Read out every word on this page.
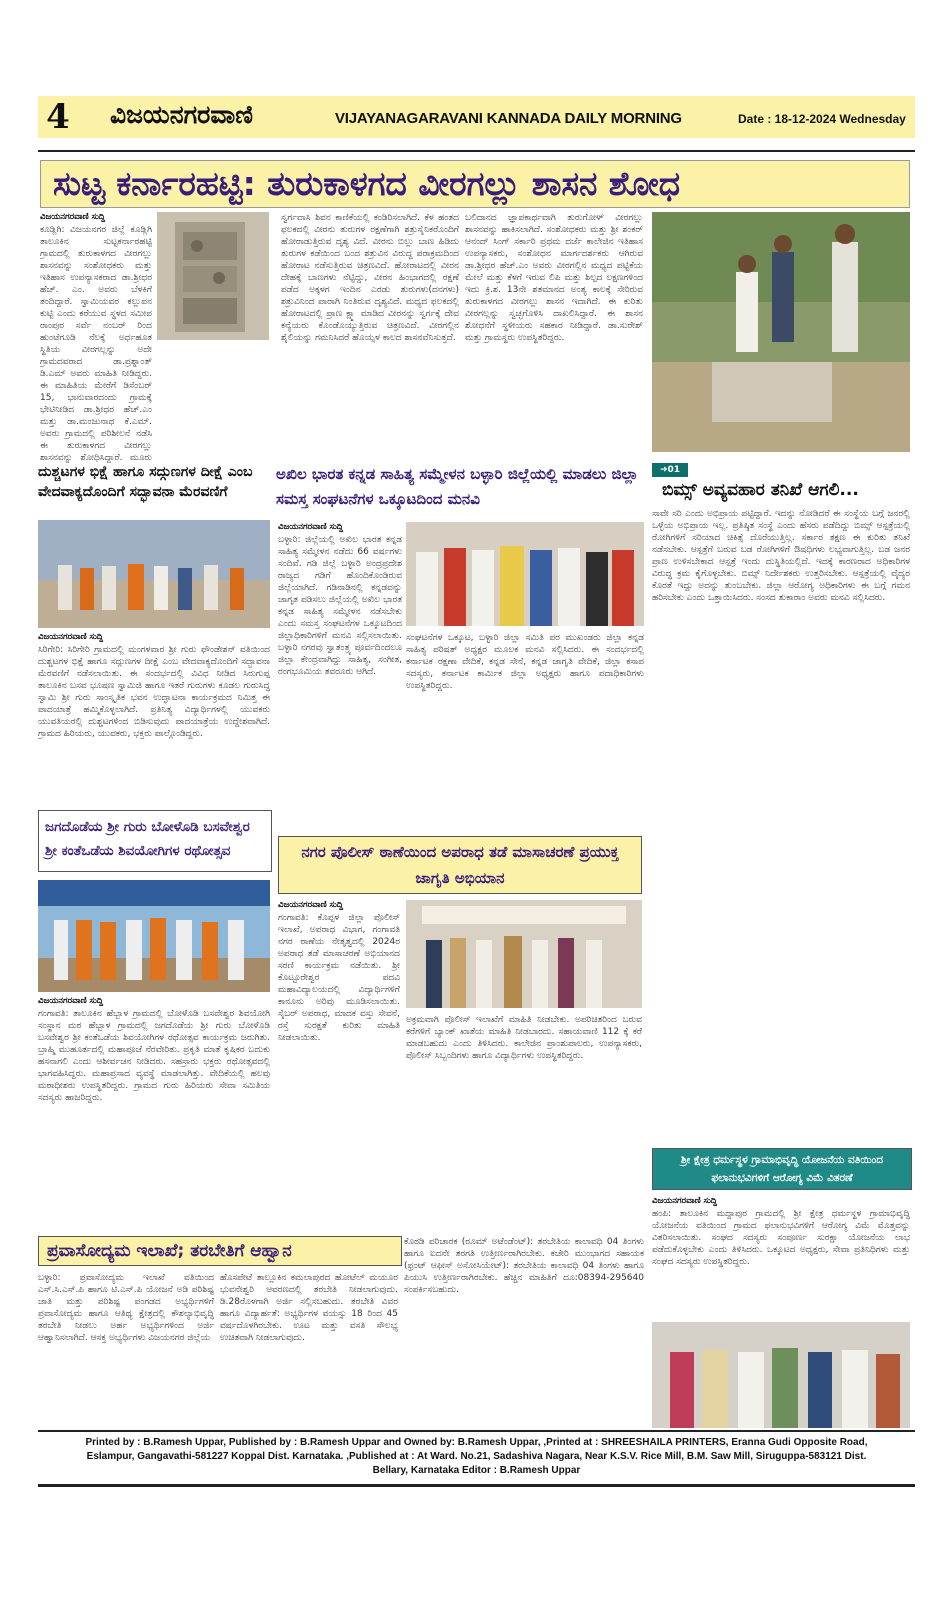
4	ವಿಜಯನಗರವಾಣಿ	VIJAYANAGARAVANI KANNADA DAILY MORNING	Date : 18-12-2024 Wednesday
ಸುಟ್ಟ ಕರ್ನಾರಹಟ್ಟಿ: ತುರುಕಾಳಗದ ವೀರಗಲ್ಲು ಶಾಸನ ಶೋಧ
ವಿಜಯನಗರವಾಣಿ ಸುದ್ದಿ
ಕೂಡ್ಲಿಗಿ: ವಿಜಯನಗರ ಜಿಲ್ಲೆ ಕೂಡ್ಲಿಗಿ ತಾಲೂಕಿನ ಸುಟ್ಟಕರ್ನಾರಹಟ್ಟಿ ಗ್ರಾಮದಲ್ಲಿ ತುರುಕಾಳಗದ ವೀರಗಲ್ಲು ಶಾಸನವನ್ನು ಸಂಶೋಧಕರು ಮತ್ತು ಇತಿಹಾಸ ಉಪನ್ಯಾಸಕರಾದ ಡಾ.ಶ್ರೀಧರ ಹೆಚ್. ಎಂ. ಅವರು ಬೆಳಕಿಗೆ ತಂದಿದ್ದಾರೆ. ಸ್ವಾಮಿಯವರ ಕಲ್ಲುಪನ ಕುಟ್ಟಿ ಎಂದು ಕರೆಯುವ ಸ್ಥಳದ ಸಮೀಪ ರಾಂಪುರ ಸರ್ವೆ ನಂಬರ್ ರಿಂದ ಹುಂಟೆಗೂಡಿ ನೆಲಕ್ಕೆ ಅರ್ಧಹೂತ ಸ್ಥಿತಿಯ ವೀರಗಲ್ಲನ್ನು ಅದೇ ಗ್ರಾಮದವರಾದ ಡಾ.ಪ್ರಶ್ನಾಂತ್ ಡಿ.ಎಮ್ ಅವರು ಮಾಹಿತಿ ನೀಡಿದ್ದರು. ಈ ಮಾಹಿತಿಯ ಮೇರೆಗೆ ಡಿಸೆಂಬರ್ 15, ಭಾನುವಾರದಂದು ಗ್ರಾಮಕ್ಕೆ ಭೇಟಿನೀಡಿದ ಡಾ.ಶ್ರೀಧರ ಹೆಚ್.ಎಂ ಮತ್ತು ಡಾ.ಮಂಜುನಾಥ ಕೆ.ಎಮ್. ಅವರು ಗ್ರಾಮದಲ್ಲಿ ಪರಿಶೀಲನೆ ನಡೆಸಿ ಈ ತುರುಕಾಳಗದ ವೀರಗಲ್ಲು ಶಾಸನವನ್ನು ಶೋಧಿಸಿದ್ದಾರೆ. ಮೂರು
ಸ್ವರ್ಗವಾಸಿ ಶಿವನ ಕಾಣಿಕೆಯಲ್ಲಿ ಕಂಡಿರಿಸಲಾಗಿದೆ. ಕೆಳ ಹಂತದ ಫಲಕದಲ್ಲಿ ವೀರನು ತುರುಗಳ ರಕ್ಷಣೆಗಾಗಿ ಶತ್ರುಸೈನಿಕರೊಂದಿಗೆ ಹೋರಾಡುತ್ತಿರುವ ದೃಶ್ಯ ವಿದೆ. ವೀರನು ಬಿಲ್ಲು ಬಾಣ ಹಿಡಿದು ತುರುಗಳ ಕಡೆಯಿಂದ ಬಂದ ಶತ್ರುವಿನ ವಿರುದ್ಧ ಪರಾಕ್ರಮದಿಂದ ಹೋರಾಟ ನಡೆಸುತ್ತಿರುವ ಚಿತ್ರಣವಿದೆ. ಹೋರಾಟದಲ್ಲಿ ವೀರನ ದೇಹಕ್ಕೆ ಬಾಣಗಳು ನೆಟ್ಟಿದ್ದು, ವೀರನ ಹಿಂಭಾಗದಲ್ಲಿ ರಕ್ಷಣೆ ಪಡೆದ ಅಕ್ಕಳಗ ಇಂದಿನ ಎರಡು ತುರುಗಳು(ದನಗಳು) ಶತ್ರುವಿನಿಂದ ಪಾರಾಗಿ ನಿಂತಿರುವ ದೃಶ್ಯವಿದೆ. ಮಧ್ಯದ ಫಲಕದಲ್ಲಿ ಹೋರಾಟದಲ್ಲಿ ಪ್ರಾಣ ಕ್ಷ್ಮಾ ಮಾಡಿದ ವೀರನನ್ನು ಸ್ವರ್ಗಕ್ಕೆ ದೇವ ಕನ್ಯೆಯರು ಕೊಂಡೊಯ್ಯುತ್ತಿರುವ ಚಿತ್ರಣವಿದೆ. ವೀರಗಲ್ಲಿನ ಶೈಲಿಯನ್ನು ಗಮನಿಸಿದರೆ ಹೊಯ್ಸಳ ಕಾಲದ ಶಾಸನವೆನಿಸುತ್ತದೆ.
ಬಲಿದಾನದ ಜ್ಞಾಪಕಾರ್ಥವಾಗಿ ತುರುಗೋಳ್ ವೀರಗಲ್ಲು ಶಾಸನವನ್ನು ಹಾಕಿಸಲಾಗಿದೆ. ಸಂಶೋಧಕರು ಮತ್ತು ಶ್ರೀ ಶಂಕರ್ ಆನಂದ್ ಸಿಂಗ್ ಸರ್ಕಾರಿ ಪ್ರಥಮ ದರ್ಜೆ ಕಾಲೇಜಿನ ಇತಿಹಾಸ ಉಪನ್ಯಾಸಕರು, ಸಂಶೋಧನ ಮಾರ್ಗದರ್ಶಕರು ಆಗಿರುವ ಡಾ.ಶ್ರೀಧರ ಹೆಚ್.ಎಂ ಅವರು ವೀರಗಲ್ಲಿನ ಮಧ್ಯದ ಪಟ್ಟಿಕೆಯ ಮೇಲೆ ಮತ್ತು ಕೆಳಗೆ ಇರುವ ಲಿಪಿ ಮತ್ತು ಶಿಲ್ಪದ ಲಕ್ಷಣಗಳಿಂದ ಇದು ಕ್ರಿ.ಶ. 13ನೇ ಶತಮಾನದ ಅಂತ್ಯ ಕಾಲಕ್ಕೆ ಸೇರಿರುವ ತುರುಕಾಳಗದ ವೀರಗಲ್ಲು ಶಾಸನ ಇದಾಗಿದೆ. ಈ ಕುರಿತು ವೀರಗಲ್ಲನ್ನು ಸ್ವಚ್ಛಗೊಳಿಸಿ ದಾಖಲಿಸಿದ್ದಾರೆ. ಈ ಶಾಸನ ಶೋಧನೆಗೆ ಸ್ಥಳೀಯರು ಸಹಕಾರ ನೀಡಿದ್ದಾರೆ. ಡಾ.ಸುರೇಶ್ ಮತ್ತು ಗ್ರಾಮಸ್ಥರು ಉಪಸ್ಥಿತರಿದ್ದರು.
ದುಶ್ಚಟಗಳ ಭಿಕ್ಷೆ ಹಾಗೂ ಸದ್ಗುಣಗಳ ದೀಕ್ಷೆ ಎಂಬ ವೇದವಾಕ್ಯದೊಂದಿಗೆ ಸದ್ಭಾವನಾ ಮೆರವಣಿಗೆ
ವಿಜಯನಗರವಾಣಿ ಸುದ್ದಿ
ಸಿರಿಗೇರಿ: ಸಿರಿಗೇರಿ ಗ್ರಾಮದಲ್ಲಿ ಮಂಗಳವಾರ ಶ್ರೀ ಗುರು ಫೌಂಡೇಶನ್ ವತಿಯಿಂದ ದುಶ್ಚಟಗಳ ಭಿಕ್ಷೆ ಹಾಗೂ ಸದ್ಗುಣಗಳ ದೀಕ್ಷೆ ಎಂಬ ವೇದವಾಕ್ಯದೊಂದಿಗೆ ಸದ್ಭಾವನಾ ಮೆರವಣಿಗೆ ನಡೆಸಲಾಯಿತು. ಈ ಸಂದರ್ಭದಲ್ಲಿ ವಿವಿಧ ನೀಡಿದ ಸಿರುಗುಪ್ಪ ತಾಲೂಕಿನ ಬಸವ ಭೂಷಣ ಸ್ವಾಮಿಜಿ ಹಾಗೂ ಇತರೆ ಗುರುಗಳು ಕೂಡಲ ಗುರುಸಿದ್ಧ ಸ್ವಾಮಿ ಶ್ರೀ ಗುರು ಸಾಂಸ್ಕೃತಿಕ ಭವನ ಉದ್ಘಾಟನಾ ಕಾರ್ಯಕ್ರಮದ ನಿಮಿತ್ತ ಈ ಪಾದಯಾತ್ರೆ ಹಮ್ಮಿಕೊಳ್ಳಲಾಗಿದೆ. ಪ್ರತಿನಿತ್ಯ ವಿದ್ಯಾರ್ಥಿಗಳಲ್ಲಿ ಯುವಕರು ಯುವತಿಯರಲ್ಲಿ ದುಶ್ಚಟಗಳಿಂದ ಬಿಡಿಸುವುದು ಪಾದಯಾತ್ರೆಯ ಉದ್ದೇಶವಾಗಿದೆ. ಗ್ರಾಮದ ಹಿರಿಯರು, ಯುವಕರು, ಭಕ್ತರು ಪಾಲ್ಗೊಂಡಿದ್ದರು.
ಅಖಿಲ ಭಾರತ ಕನ್ನಡ ಸಾಹಿತ್ಯ ಸಮ್ಮೇಳನ ಬಳ್ಳಾರಿ ಜಿಲ್ಲೆಯಲ್ಲಿ ಮಾಡಲು ಜಿಲ್ಲಾ ಸಮಸ್ತ ಸಂಘಟನೆಗಳ ಒಕ್ಕೂಟದಿಂದ ಮನವಿ
ವಿಜಯನಗರವಾಣಿ ಸುದ್ದಿ
ಬಳ್ಳಾರಿ: ಜಿಲ್ಲೆಯಲ್ಲಿ ಅಖಿಲ ಭಾರತ ಕನ್ನಡ ಸಾಹಿತ್ಯ ಸಮ್ಮೇಳನ ನಡೆದು 66 ವರ್ಷಗಳು ಸಂದಿವೆ. ಗಡಿ ಜಿಲ್ಲೆ ಬಳ್ಳಾರಿ ಅಂದ್ರಪ್ರದೇಶ ರಾಜ್ಯದ ಗಡಿಗೆ ಹೊಂದಿಕೊಂಡಿರುವ ಜಿಲ್ಲೆಯಾಗಿದೆ. ಗಡಿನಾಡಿನಲ್ಲಿ ಕನ್ನಡವನ್ನು ಜಾಗೃತ ಪಡಿಸಲು ಜಿಲ್ಲೆಯಲ್ಲಿ ಅಖಿಲ ಭಾರತ ಕನ್ನಡ ಸಾಹಿತ್ಯ ಸಮ್ಮೇಳನ ನಡೆಸಬೇಕು ಎಂದು ಸಮಸ್ತ ಸಂಘಟನೆಗಳ ಒಕ್ಕೂಟದಿಂದ ಜಿಲ್ಲಾಧಿಕಾರಿಗಳಿಗೆ ಮನವಿ ಸಲ್ಲಿಸಲಾಯಿತು. ಬಳ್ಳಾರಿ ನಗರವು ಸ್ವಾತಂತ್ರ್ಯ ಪೂರ್ವದಿಂದಲೂ ಜಿಲ್ಲಾ ಕೇಂದ್ರವಾಗಿದ್ದು ಸಾಹಿತ್ಯ, ಸಂಗೀತ, ರಂಗಭೂಮಿಯ ತವರೂರು ಆಗಿದೆ.
ಸಂಘಟನೆಗಳ ಒಕ್ಕೂಟ, ಬಳ್ಳಾರಿ ಜಿಲ್ಲಾ ಸಮಿತಿ ಪರ ಮುಖಂಡರು ಜಿಲ್ಲಾ ಕನ್ನಡ ಸಾಹಿತ್ಯ ಪರಿಷತ್ ಅಧ್ಯಕ್ಷರ ಮೂಲಕ ಮನವಿ ಸಲ್ಲಿಸಿದರು. ಈ ಸಂದರ್ಭದಲ್ಲಿ ಕರ್ನಾಟಕ ರಕ್ಷಣಾ ವೇದಿಕೆ, ಕನ್ನಡ ಸೇನೆ, ಕನ್ನಡ ಜಾಗೃತಿ ವೇದಿಕೆ, ಜಿಲ್ಲಾ ಕಸಾಪ ಸದಸ್ಯರು, ಕರ್ನಾಟಕ ಕಾರ್ಮಿಕ ಜಿಲ್ಲಾ ಅಧ್ಯಕ್ಷರು ಹಾಗೂ ಪದಾಧಿಕಾರಿಗಳು ಉಪಸ್ಥಿತರಿದ್ದರು.
➜01
ಬಿಮ್ಸ್ ಅವ್ಯವಹಾರ ತನಿಖೆ ಆಗಲಿ...
ಸಾವೇ ಸರಿ ಎಂದು ಅಭಿಪ್ರಾಯ ಪಟ್ಟಿದ್ದಾರೆ. ಇದನ್ನು ನೋಡಿದರೆ ಈ ಸಂಸ್ಥೆಯ ಬಗ್ಗೆ ಜನರಲ್ಲಿ ಒಳ್ಳೆಯ ಅಭಿಪ್ರಾಯ ಇಲ್ಲ. ಪ್ರತಿಷ್ಠಿತ ಸಂಸ್ಥೆ ಎಂದು ಹೆಸರು ಪಡೆದಿದ್ದು ಬಿಮ್ಸ್ ಆಸ್ಪತ್ರೆಯಲ್ಲಿ ರೋಗಿಗಳಿಗೆ ಸರಿಯಾದ ಚಿಕಿತ್ಸೆ ದೊರೆಯುತ್ತಿಲ್ಲ. ಸರ್ಕಾರ ತಕ್ಷಣ ಈ ಕುರಿತು ತನಿಖೆ ನಡೆಸಬೇಕು. ಆಸ್ಪತ್ರೆಗೆ ಬರುವ ಬಡ ರೋಗಿಗಳಿಗೆ ಔಷಧಿಗಳು ಲಭ್ಯವಾಗುತ್ತಿಲ್ಲ. ಬಡ ಜನರ ಪ್ರಾಣ ಉಳಿಸಬೇಕಾದ ಆಸ್ಪತ್ರೆ ಇಂದು ದುಸ್ಥಿತಿಯಲ್ಲಿದೆ. ಇದಕ್ಕೆ ಕಾರಣರಾದ ಅಧಿಕಾರಿಗಳ ವಿರುದ್ಧ ಕ್ರಮ ಕೈಗೊಳ್ಳಬೇಕು. ಬಿಮ್ಸ್ ನಿರ್ದೇಶಕರು ಉತ್ತರಿಸಬೇಕು. ಆಸ್ಪತ್ರೆಯಲ್ಲಿ ವೈದ್ಯರ ಕೊರತೆ ಇದ್ದು ಅದನ್ನು ತುಂಬಬೇಕು. ಜಿಲ್ಲಾ ಆರೋಗ್ಯ ಅಧಿಕಾರಿಗಳು ಈ ಬಗ್ಗೆ ಗಮನ ಹರಿಸಬೇಕು ಎಂದು ಒತ್ತಾಯಿಸಿದರು. ಸಂಸದ ತುಕಾರಾಂ ಅವರು ಮನವಿ ಸಲ್ಲಿಸಿದರು.
ಜಗದೊಡೆಯ ಶ್ರೀ ಗುರು ಬೋಳೊಡಿ ಬಸವೇಶ್ವರ ಶ್ರೀ ಕಂತೆಒಡೆಯ ಶಿವಯೋಗಿಗಳ ರಥೋತ್ಸವ
ವಿಜಯನಗರವಾಣಿ ಸುದ್ದಿ
ಗಂಗಾವತಿ: ತಾಲೂಕಿನ ಹೆಬ್ಬಾಳ ಗ್ರಾಮದಲ್ಲಿ ಬೋಳೊಡಿ ಬಸವೇಶ್ವರ ಶಿವಯೋಗಿ ಸಂಸ್ಥಾನ ಮಠ ಹೆಬ್ಬಾಳ ಗ್ರಾಮದಲ್ಲಿ ಜಗದೊಡೆಯ ಶ್ರೀ ಗುರು ಬೋಳೊಡಿ ಬಸವೇಶ್ವರ ಶ್ರೀ ಕಂತೆಒಡೆಯ ಶಿವಯೋಗಿಗಳ ರಥೋತ್ಸವ ಕಾರ್ಯಕ್ರಮ ಜರುಗಿತು. ಬ್ರಾಹ್ಮಿ ಮುಹೂರ್ತದಲ್ಲಿ ಮಹಾಪೂಜೆ ನೆರವೇರಿತು. ಪ್ರಕೃತಿ ಮಾತೆ ಕೃಷಿಕರ ಬದುಕು ಹಸನಾಗಲಿ ಎಂದು ಆಶೀರ್ವಚನ ನೀಡಿದರು. ಸಹಸ್ರಾರು ಭಕ್ತರು ರಥೋತ್ಸವದಲ್ಲಿ ಭಾಗವಹಿಸಿದ್ದರು. ಮಹಾಪ್ರಸಾದ ವ್ಯವಸ್ಥೆ ಮಾಡಲಾಗಿತ್ತು. ವೇದಿಕೆಯಲ್ಲಿ ಹಲವು ಮಠಾಧೀಶರು ಉಪಸ್ಥಿತರಿದ್ದರು. ಗ್ರಾಮದ ಗುರು ಹಿರಿಯರು ಸೇವಾ ಸಮಿತಿಯ ಸದಸ್ಯರು ಹಾಜರಿದ್ದರು.
ನಗರ ಪೊಲೀಸ್ ಠಾಣೆಯಿಂದ ಅಪರಾಧ ತಡೆ ಮಾಸಾಚರಣೆ ಪ್ರಯುಕ್ತ ಜಾಗೃತಿ ಅಭಿಯಾನ
ವಿಜಯನಗರವಾಣಿ ಸುದ್ದಿ
ಗಂಗಾವತಿ: ಕೊಪ್ಪಳ ಜಿಲ್ಲಾ ಪೊಲೀಸ್ ಇಲಾಖೆ, ಅಪರಾಧ ವಿಭಾಗ, ಗಂಗಾವತಿ ನಗರ ಠಾಣೆಯ ನೇತೃತ್ವದಲ್ಲಿ 2024ರ ಅಪರಾಧ ತಡೆ ಮಾಸಾಚರಣೆ ಅಭಿಯಾನದ ಸರಣಿ ಕಾರ್ಯಕ್ರಮ ನಡೆಯಿತು. ಶ್ರೀ ಕೊಟ್ಟೂರೇಶ್ವರ ಪದವಿ ಮಹಾವಿದ್ಯಾಲಯದಲ್ಲಿ ವಿದ್ಯಾರ್ಥಿಗಳಿಗೆ ಕಾನೂನು ಅರಿವು ಮೂಡಿಸಲಾಯಿತು. ಸೈಬರ್ ಅಪರಾಧ, ಮಾದಕ ವಸ್ತು ಸೇವನೆ, ರಸ್ತೆ ಸುರಕ್ಷತೆ ಕುರಿತು ಮಾಹಿತಿ ನೀಡಲಾಯಿತು.
ಅಕ್ರಮವಾಗಿ ಪೊಲೀಸ್ ಇಲಾಖೆಗೆ ಮಾಹಿತಿ ನೀಡಬೇಕು. ಅಪರಿಚಿತರಿಂದ ಬರುವ ಕರೆಗಳಿಗೆ ಬ್ಯಾಂಕ್ ಖಾತೆಯ ಮಾಹಿತಿ ನೀಡಬಾರದು. ಸಹಾಯವಾಣಿ 112 ಕ್ಕೆ ಕರೆ ಮಾಡಬಹುದು ಎಂದು ತಿಳಿಸಿದರು. ಕಾಲೇಜಿನ ಪ್ರಾಂಶುಪಾಲರು, ಉಪನ್ಯಾಸಕರು, ಪೊಲೀಸ್ ಸಿಬ್ಬಂದಿಗಳು ಹಾಗೂ ವಿದ್ಯಾರ್ಥಿಗಳು ಉಪಸ್ಥಿತರಿದ್ದರು.
ಶ್ರೀ ಕ್ಷೇತ್ರ ಧರ್ಮಸ್ಥಳ ಗ್ರಾಮಾಭಿವೃದ್ಧಿ ಯೋಜನೆಯ ವತಿಯಿಂದ ಫಲಾನುಭವಿಗಳಿಗೆ ಆರೋಗ್ಯ ವಿಮೆ ವಿತರಣೆ
ವಿಜಯನಗರವಾಣಿ ಸುದ್ದಿ
ಹಂಪಿ: ತಾಲೂಕಿನ ಮದ್ದಾಪುರ ಗ್ರಾಮದಲ್ಲಿ ಶ್ರೀ ಕ್ಷೇತ್ರ ಧರ್ಮಸ್ಥಳ ಗ್ರಾಮಾಭಿವೃದ್ಧಿ ಯೋಜನೆಯ ವತಿಯಿಂದ ಗ್ರಾಮದ ಫಲಾನುಭವಿಗಳಿಗೆ ಆರೋಗ್ಯ ವಿಮೆ ಮೊತ್ತವನ್ನು ವಿತರಿಸಲಾಯಿತು. ಸಂಘದ ಸದಸ್ಯರು ಸಂಪೂರ್ಣ ಸುರಕ್ಷಾ ಯೋಜನೆಯ ಲಾಭ ಪಡೆದುಕೊಳ್ಳಬೇಕು ಎಂದು ತಿಳಿಸಿದರು. ಒಕ್ಕೂಟದ ಅಧ್ಯಕ್ಷರು, ಸೇವಾ ಪ್ರತಿನಿಧಿಗಳು ಮತ್ತು ಸಂಘದ ಸದಸ್ಯರು ಉಪಸ್ಥಿತರಿದ್ದರು.
ಪ್ರವಾಸೋದ್ಯಮ ಇಲಾಖೆ; ತರಬೇತಿಗೆ ಆಹ್ವಾನ
ಬಳ್ಳಾರಿ: ಪ್ರವಾಸೋದ್ಯಮ ಇಲಾಖೆ ವತಿಯಿಂದ ಎಸ್.ಸಿ.ಎಸ್.ಪಿ ಹಾಗೂ ಟಿ.ಎಸ್.ಪಿ ಯೋಜನೆ ಅಡಿ ಪರಿಶಿಷ್ಟ ಜಾತಿ ಮತ್ತು ಪರಿಶಿಷ್ಟ ಪಂಗಡದ ಅಭ್ಯರ್ಥಿಗಳಿಗೆ ಪ್ರವಾಸೋದ್ಯಮ ಹಾಗೂ ಆತಿಥ್ಯ ಕ್ಷೇತ್ರದಲ್ಲಿ ಕೌಶಲ್ಯಾಭಿವೃದ್ಧಿ ತರಬೇತಿ ನೀಡಲು ಅರ್ಹ ಅಭ್ಯರ್ಥಿಗಳಿಂದ ಅರ್ಜಿ ಆಹ್ವಾನಿಸಲಾಗಿದೆ. ಆಸಕ್ತ ಅಭ್ಯರ್ಥಿಗಳು ವಿಜಯನಗರ ಜಿಲ್ಲೆಯ
ಹೊಸಪೇಟೆ ತಾಲ್ಲೂಕಿನ ಕಮಲಾಪುರದ ಹೋಟೆಲ್ ಮಯೂರ ಭುವನೇಶ್ವರಿ ಆವರಣದಲ್ಲಿ ತರಬೇತಿ ನೀಡಲಾಗುವುದು. ಡಿ.28ರೊಳಗಾಗಿ ಅರ್ಜಿ ಸಲ್ಲಿಸಬಹುದು. ತರಬೇತಿ ವಿವರ ಹಾಗೂ ವಿದ್ಯಾರ್ಹತೆ: ಅಭ್ಯರ್ಥಿಗಳ ವಯಸ್ಸು 18 ರಿಂದ 45 ವರ್ಷದೊಳಗಿರಬೇಕು. ಊಟ ಮತ್ತು ವಸತಿ ಸೌಲಭ್ಯ ಉಚಿತವಾಗಿ ನೀಡಲಾಗುವುದು.
ಕೊಠಡಿ ಪರಿಚಾರಕ (ರೂಮ್ ಅಟೆಂಡೆಂಟ್): ತರಬೇತಿಯ ಕಾಲಾವಧಿ 04 ತಿಂಗಳು ಹಾಗೂ ಐದನೇ ತರಗತಿ ಉತ್ತೀರ್ಣರಾಗಿರಬೇಕು. ಕಚೇರಿ ಮುಂಭಾಗದ ಸಹಾಯಕ (ಫ್ರಂಟ್ ಆಫೀಸ್ ಅಸೋಸಿಯೇಟ್): ತರಬೇತಿಯ ಕಾಲಾವಧಿ 04 ತಿಂಗಳು ಹಾಗೂ ಪಿಯುಸಿ ಉತ್ತೀರ್ಣರಾಗಿರಬೇಕು. ಹೆಚ್ಚಿನ ಮಾಹಿತಿಗೆ ದೂ:08394-295640 ಸಂಪರ್ಕಿಸಬಹುದು.
Printed by : B.Ramesh Uppar, Published by : B.Ramesh Uppar and Owned by: B.Ramesh Uppar, ,Printed at : SHREESHAILA PRINTERS, Eranna Gudi Opposite Road,
Eslampur, Gangavathi-581227 Koppal Dist. Karnataka. ,Published at : At Ward. No.21, Sadashiva Nagara, Near K.S.V. Rice Mill, B.M. Saw Mill, Siruguppa-583121 Dist.
Bellary, Karnataka Editor : B.Ramesh Uppar
